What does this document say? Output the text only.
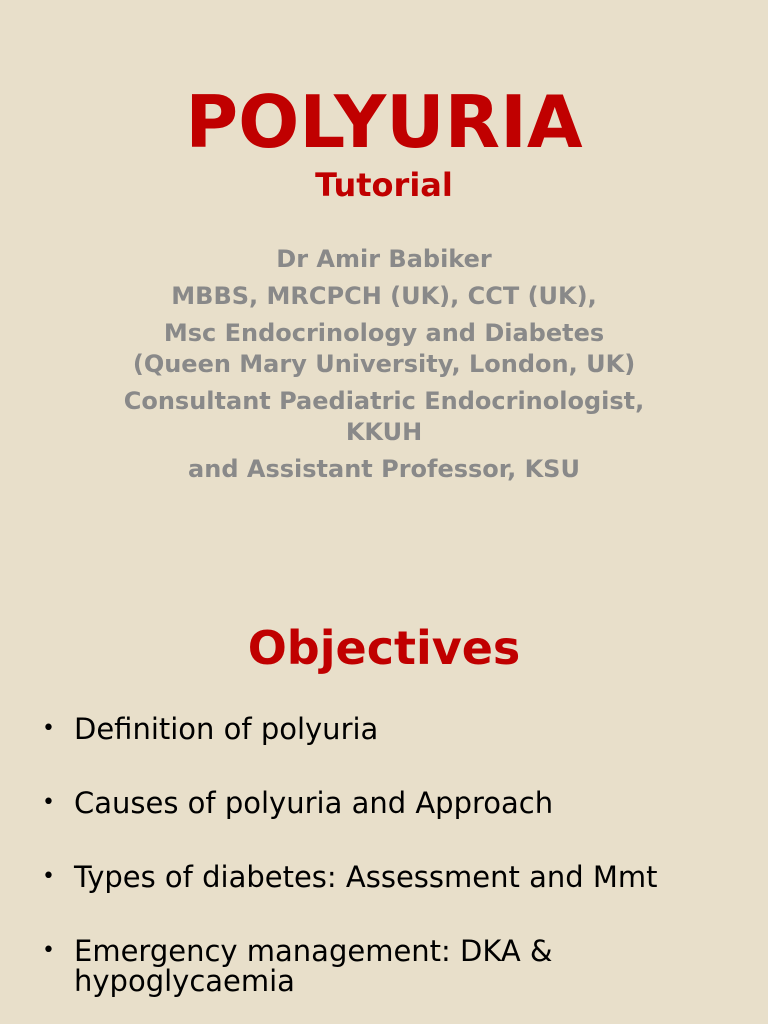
POLYURIA
Tutorial

Dr Amir Babiker

MBBS, MRCPCH (UK), CCT (UK),

Msc Endocrinology and Diabetes (Queen Mary University, London, UK)

Consultant Paediatric Endocrinologist, KKUH

and Assistant Professor, KSU

Objectives
• Definition of polyuria
• Causes of polyuria and Approach
• Types of diabetes: Assessment and Mmt
• Emergency management: DKA & hypoglycaemia
